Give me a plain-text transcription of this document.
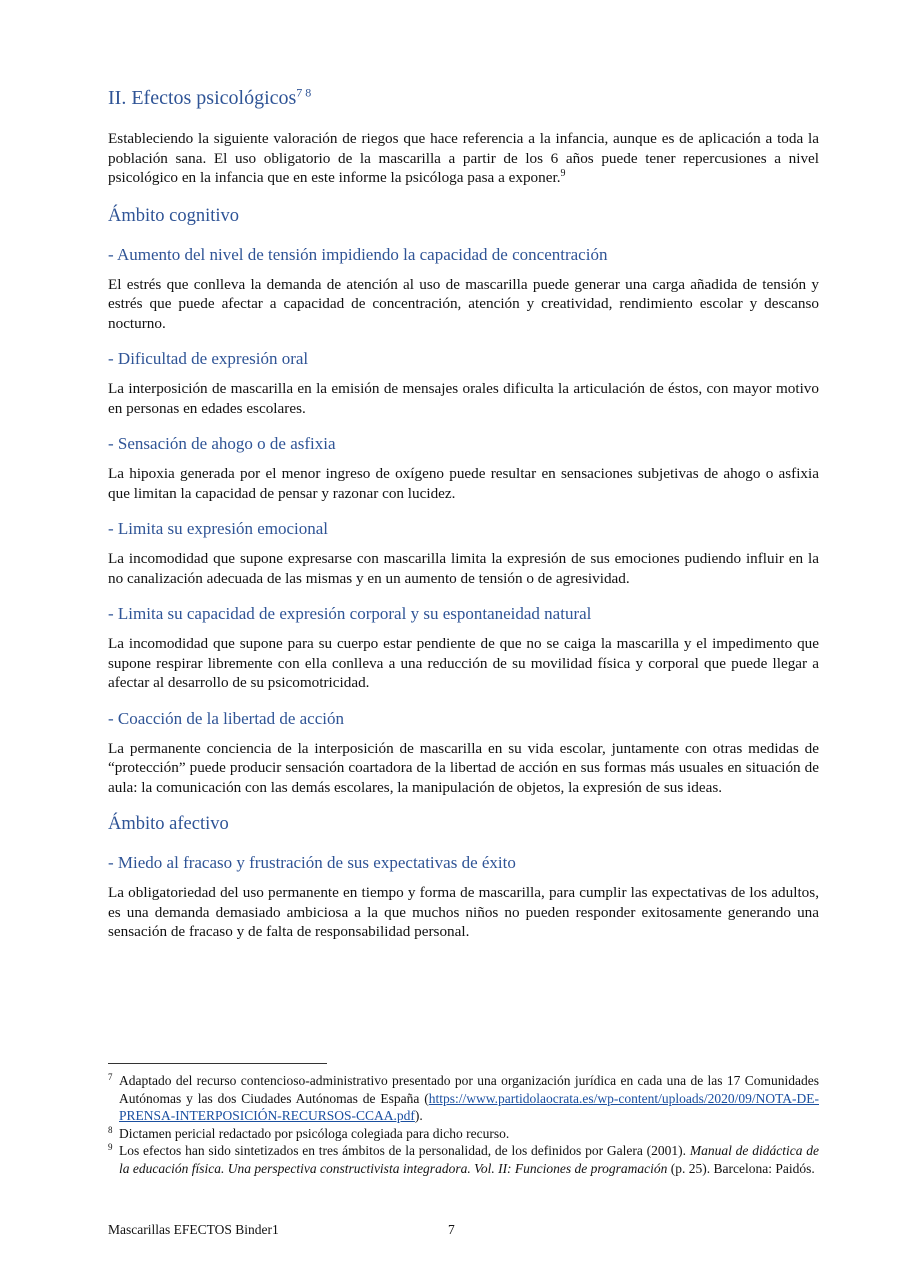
II. Efectos psicológicos$^{7 8}$

Estableciendo la siguiente valoración de riegos que hace referencia a la infancia, aunque es de aplicación a toda la población sana. El uso obligatorio de la mascarilla a partir de los 6 años puede tener repercusiones a nivel psicológico en la infancia que en este informe la psicóloga pasa a exponer.$^9$

Ámbito cognitivo
- Aumento del nivel de tensión impidiendo la capacidad de concentración

El estrés que conlleva la demanda de atención al uso de mascarilla puede generar una carga añadida de tensión y estrés que puede afectar a capacidad de concentración, atención y creatividad, rendimiento escolar y descanso nocturno.

- Dificultad de expresión oral

La interposición de mascarilla en la emisión de mensajes orales dificulta la articulación de éstos, con mayor motivo en personas en edades escolares.

- Sensación de ahogo o de asfixia

La hipoxia generada por el menor ingreso de oxígeno puede resultar en sensaciones subjetivas de ahogo o asfixia que limitan la capacidad de pensar y razonar con lucidez.

- Limita su expresión emocional

La incomodidad que supone expresarse con mascarilla limita la expresión de sus emociones pudiendo influir en la no canalización adecuada de las mismas y en un aumento de tensión o de agresividad.

- Limita su capacidad de expresión corporal y su espontaneidad natural

La incomodidad que supone para su cuerpo estar pendiente de que no se caiga la mascarilla y el impedimento que supone respirar libremente con ella conlleva a una reducción de su movilidad física y corporal que puede llegar a afectar al desarrollo de su psicomotricidad.

- Coacción de la libertad de acción

La permanente conciencia de la interposición de mascarilla en su vida escolar, juntamente con otras medidas de “protección” puede producir sensación coartadora de la libertad de acción en sus formas más usuales en situación de aula: la comunicación con las demás escolares, la manipulación de objetos, la expresión de sus ideas.

Ámbito afectivo
- Miedo al fracaso y frustración de sus expectativas de éxito

La obligatoriedad del uso permanente en tiempo y forma de mascarilla, para cumplir las expectativas de los adultos, es una demanda demasiado ambiciosa a la que muchos niños no pueden responder exitosamente generando una sensación de fracaso y de falta de responsabilidad personal.

7 Adaptado del recurso contencioso-administrativo presentado por una organización jurídica en cada una de las 17 Comunidades Autónomas y las dos Ciudades Autónomas de España (https://www.partidolaocrata.es/wp-content/uploads/2020/09/NOTA-DE-PRENSA-INTERPOSICIÓN-RECURSOS-CCAA.pdf).
8 Dictamen pericial redactado por psicóloga colegiada para dicho recurso.
9 Los efectos han sido sintetizados en tres ámbitos de la personalidad, de los definidos por Galera (2001). Manual de didáctica de la educación física. Una perspectiva constructivista integradora. Vol. II: Funciones de programación (p. 25). Barcelona: Paidós.
Mascarillas EFECTOS Binder1	7
